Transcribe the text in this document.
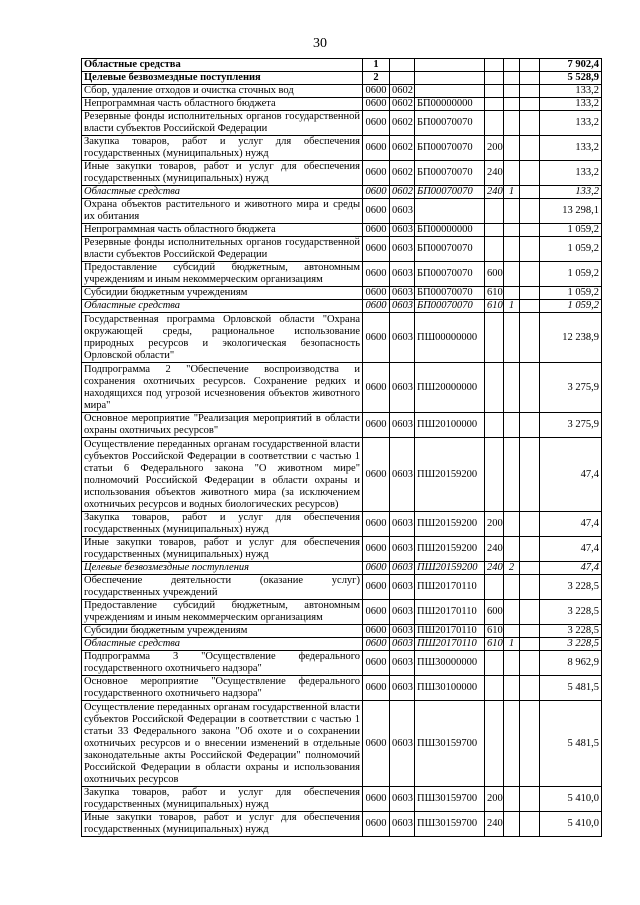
30
Областные средства	1						7 902,4
Целевые безвозмездные поступления	2						5 528,9
Сбор, удаление отходов и очистка сточных вод	0600	0602					133,2
Непрограммная часть областного бюджета	0600	0602	БП00000000				133,2
Резервные фонды исполнительных органов государственной власти субъектов Российской Федерации	0600	0602	БП00070070				133,2
Закупка товаров, работ и услуг для обеспечения государственных (муниципальных) нужд	0600	0602	БП00070070	200			133,2
Иные закупки товаров, работ и услуг для обеспечения государственных (муниципальных) нужд	0600	0602	БП00070070	240			133,2
Областные средства	0600	0602	БП00070070	240	1		133,2
Охрана объектов растительного и животного мира и среды их обитания	0600	0603					13 298,1
Непрограммная часть областного бюджета	0600	0603	БП00000000				1 059,2
Резервные фонды исполнительных органов государственной власти субъектов Российской Федерации	0600	0603	БП00070070				1 059,2
Предоставление субсидий бюджетным, автономным учреждениям и иным некоммерческим организациям	0600	0603	БП00070070	600			1 059,2
Субсидии бюджетным учреждениям	0600	0603	БП00070070	610			1 059,2
Областные средства	0600	0603	БП00070070	610	1		1 059,2
Государственная программа Орловской области "Охрана окружающей среды, рациональное использование природных ресурсов и экологическая безопасность Орловской области"	0600	0603	ПШ00000000				12 238,9
Подпрограмма 2 "Обеспечение воспроизводства и сохранения охотничьих ресурсов. Сохранение редких и находящихся под угрозой исчезновения объектов животного мира"	0600	0603	ПШ20000000				3 275,9
Основное мероприятие "Реализация мероприятий в области охраны охотничьих ресурсов"	0600	0603	ПШ20100000				3 275,9
Осуществление переданных органам государственной власти субъектов Российской Федерации в соответствии с частью 1 статьи 6 Федерального закона "О животном мире" полномочий Российской Федерации в области охраны и использования объектов животного мира (за исключением охотничьих ресурсов и водных биологических ресурсов)	0600	0603	ПШ20159200				47,4
Закупка товаров, работ и услуг для обеспечения государственных (муниципальных) нужд	0600	0603	ПШ20159200	200			47,4
Иные закупки товаров, работ и услуг для обеспечения государственных (муниципальных) нужд	0600	0603	ПШ20159200	240			47,4
Целевые безвозмездные поступления	0600	0603	ПШ20159200	240	2		47,4
Обеспечение деятельности (оказание услуг) государственных учреждений	0600	0603	ПШ20170110				3 228,5
Предоставление субсидий бюджетным, автономным учреждениям и иным некоммерческим организациям	0600	0603	ПШ20170110	600			3 228,5
Субсидии бюджетным учреждениям	0600	0603	ПШ20170110	610			3 228,5
Областные средства	0600	0603	ПШ20170110	610	1		3 228,5
Подпрограмма 3 "Осуществление федерального государственного охотничьего надзора"	0600	0603	ПШ30000000				8 962,9
Основное мероприятие "Осуществление федерального государственного охотничьего надзора"	0600	0603	ПШ30100000				5 481,5
Осуществление переданных органам государственной власти субъектов Российской Федерации в соответствии с частью 1 статьи 33 Федерального закона "Об охоте и о сохранении охотничьих ресурсов и о внесении изменений в отдельные законодательные акты Российской Федерации" полномочий Российской Федерации в области охраны и использования охотничьих ресурсов	0600	0603	ПШ30159700				5 481,5
Закупка товаров, работ и услуг для обеспечения государственных (муниципальных) нужд	0600	0603	ПШ30159700	200			5 410,0
Иные закупки товаров, работ и услуг для обеспечения государственных (муниципальных) нужд	0600	0603	ПШ30159700	240			5 410,0
